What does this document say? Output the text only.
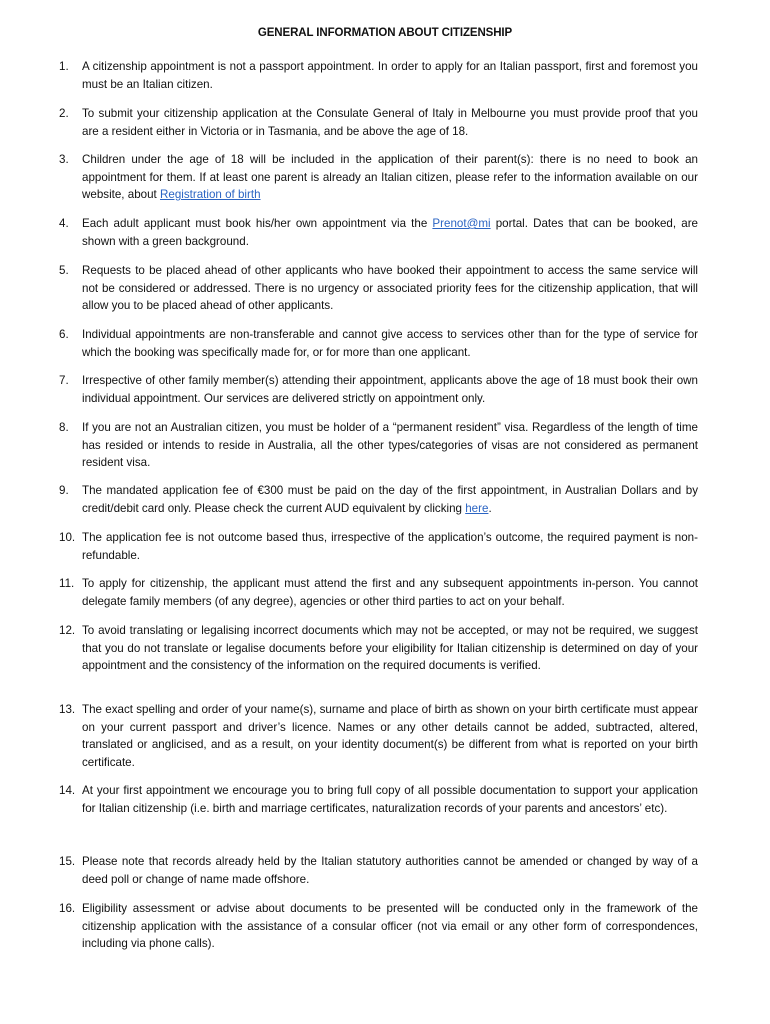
GENERAL INFORMATION ABOUT CITIZENSHIP
1.	A citizenship appointment is not a passport appointment. In order to apply for an Italian passport, first and foremost you must be an Italian citizen.
2.	To submit your citizenship application at the Consulate General of Italy in Melbourne you must provide proof that you are a resident either in Victoria or in Tasmania, and be above the age of 18.
3.	Children under the age of 18 will be included in the application of their parent(s): there is no need to book an appointment for them. If at least one parent is already an Italian citizen, please refer to the information available on our website, about Registration of birth
4.	Each adult applicant must book his/her own appointment via the Prenot@mi portal. Dates that can be booked, are shown with a green background.
5.	Requests to be placed ahead of other applicants who have booked their appointment to access the same service will not be considered or addressed. There is no urgency or associated priority fees for the citizenship application, that will allow you to be placed ahead of other applicants.
6.	Individual appointments are non-transferable and cannot give access to services other than for the type of service for which the booking was specifically made for, or for more than one applicant.
7.	Irrespective of other family member(s) attending their appointment, applicants above the age of 18 must book their own individual appointment. Our services are delivered strictly on appointment only.
8.	If you are not an Australian citizen, you must be holder of a “permanent resident” visa. Regardless of the length of time has resided or intends to reside in Australia, all the other types/categories of visas are not considered as permanent resident visa.
9.	The mandated application fee of €300 must be paid on the day of the first appointment, in Australian Dollars and by credit/debit card only. Please check the current AUD equivalent by clicking here.
10. The application fee is not outcome based thus, irrespective of the application’s outcome, the required payment is non-refundable.
11. To apply for citizenship, the applicant must attend the first and any subsequent appointments in-person. You cannot delegate family members (of any degree), agencies or other third parties to act on your behalf.
12. To avoid translating or legalising incorrect documents which may not be accepted, or may not be required, we suggest that you do not translate or legalise documents before your eligibility for Italian citizenship is determined on day of your appointment and the consistency of the information on the required documents is verified.
13. The exact spelling and order of your name(s), surname and place of birth as shown on your birth certificate must appear on your current passport and driver’s licence. Names or any other details cannot be added, subtracted, altered, translated or anglicised, and as a result, on your identity document(s) be different from what is reported on your birth certificate.
14. At your first appointment we encourage you to bring full copy of all possible documentation to support your application for Italian citizenship (i.e. birth and marriage certificates, naturalization records of your parents and ancestors’ etc).
15. Please note that records already held by the Italian statutory authorities cannot be amended or changed by way of a deed poll or change of name made offshore.
16. Eligibility assessment or advise about documents to be presented will be conducted only in the framework of the citizenship application with the assistance of a consular officer (not via email or any other form of correspondences, including via phone calls).
